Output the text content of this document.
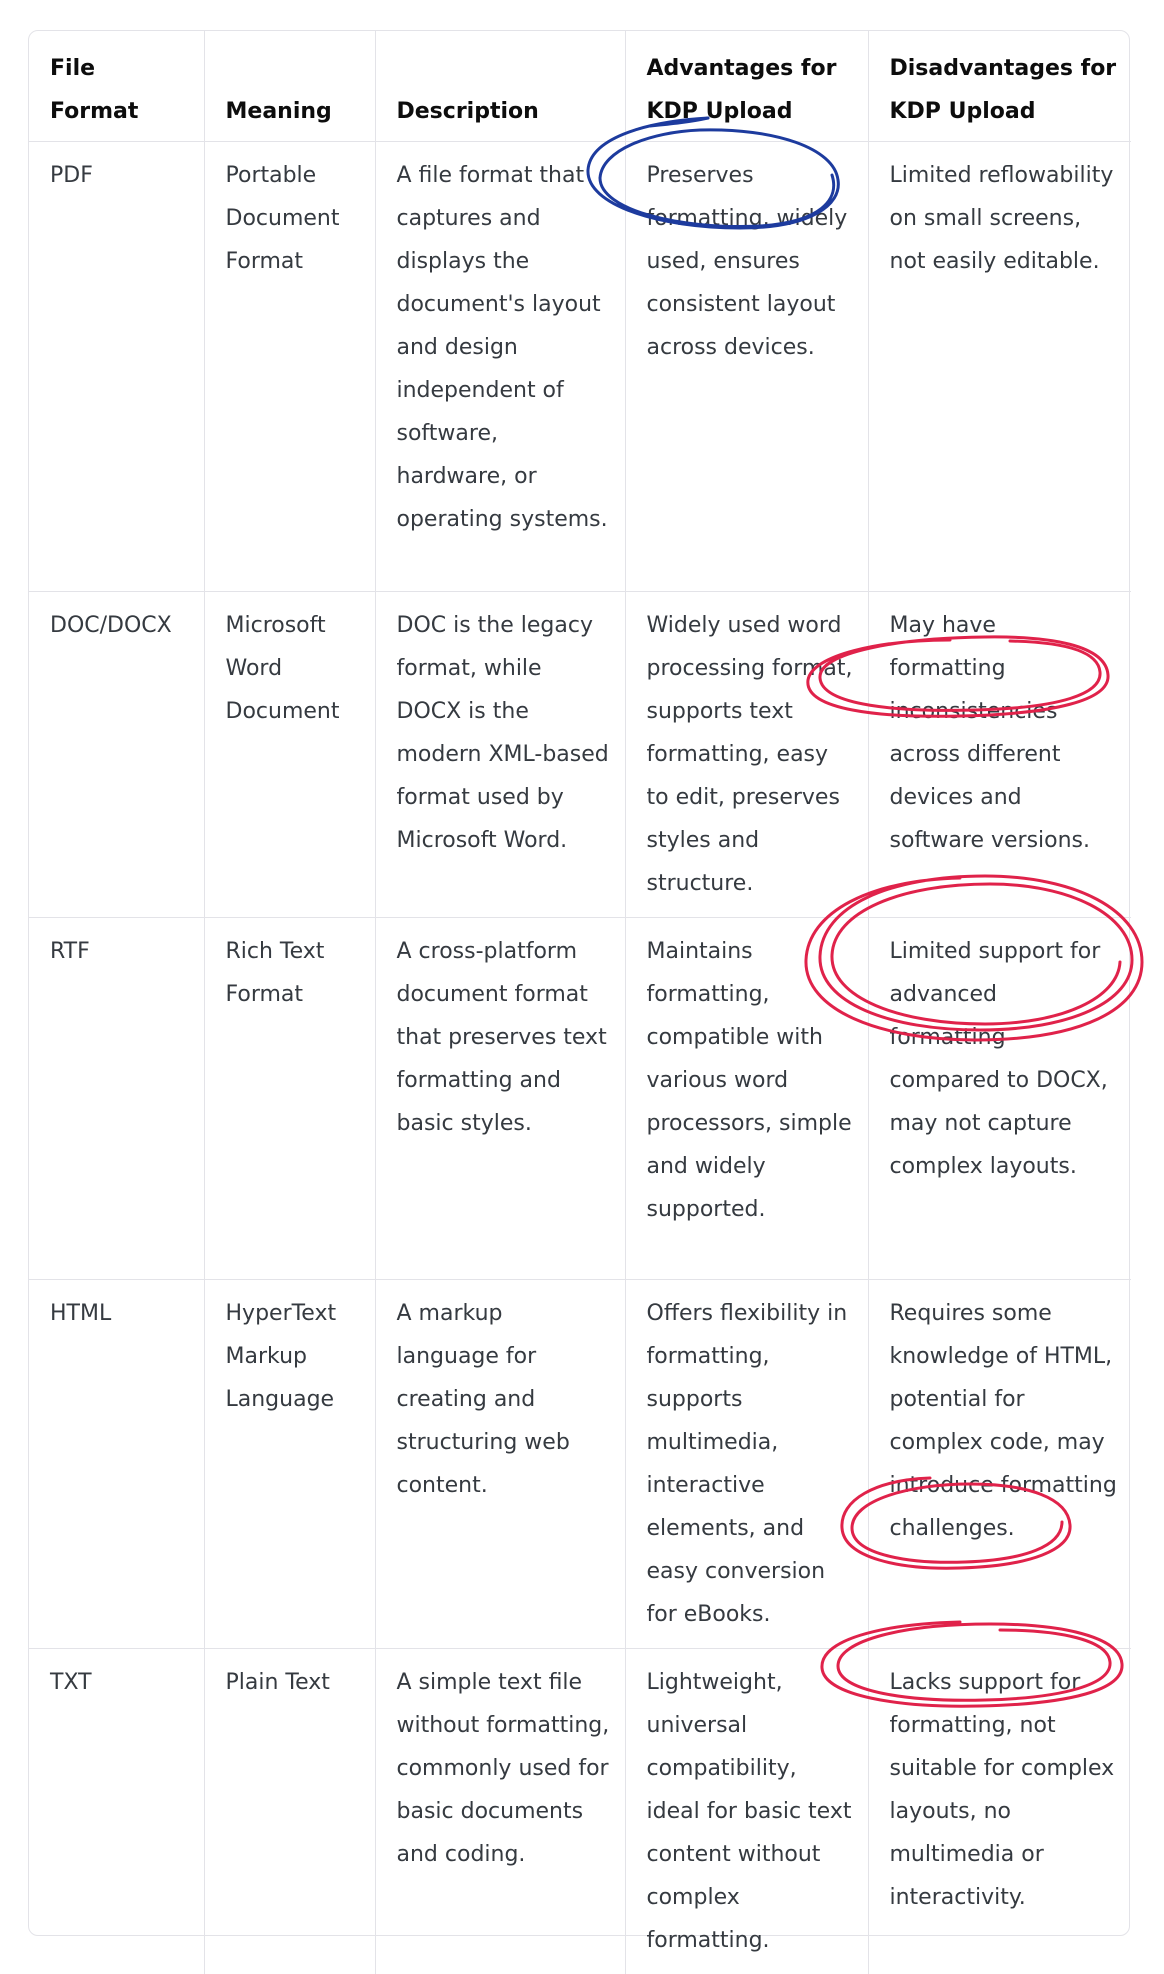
File Format	Meaning	Description	Advantages for KDP Upload	Disadvantages for KDP Upload
PDF	Portable Document Format	A file format that captures and displays the document's layout and design independent of software, hardware, or operating systems.	Preserves formatting, widely used, ensures consistent layout across devices.	Limited reflowability on small screens, not easily editable.
DOC/DOCX	Microsoft Word Document	DOC is the legacy format, while DOCX is the modern XML-based format used by Microsoft Word.	Widely used word processing format, supports text formatting, easy to edit, preserves styles and structure.	May have formatting inconsistencies across different devices and software versions.
RTF	Rich Text Format	A cross-platform document format that preserves text formatting and basic styles.	Maintains formatting, compatible with various word processors, simple and widely supported.	Limited support for advanced formatting compared to DOCX, may not capture complex layouts.
HTML	HyperText Markup Language	A markup language for creating and structuring web content.	Offers flexibility in formatting, supports multimedia, interactive elements, and easy conversion for eBooks.	Requires some knowledge of HTML, potential for complex code, may introduce formatting challenges.
TXT	Plain Text	A simple text file without formatting, commonly used for basic documents and coding.	Lightweight, universal compatibility, ideal for basic text content without complex formatting.	Lacks support for formatting, not suitable for complex layouts, no multimedia or interactivity.
